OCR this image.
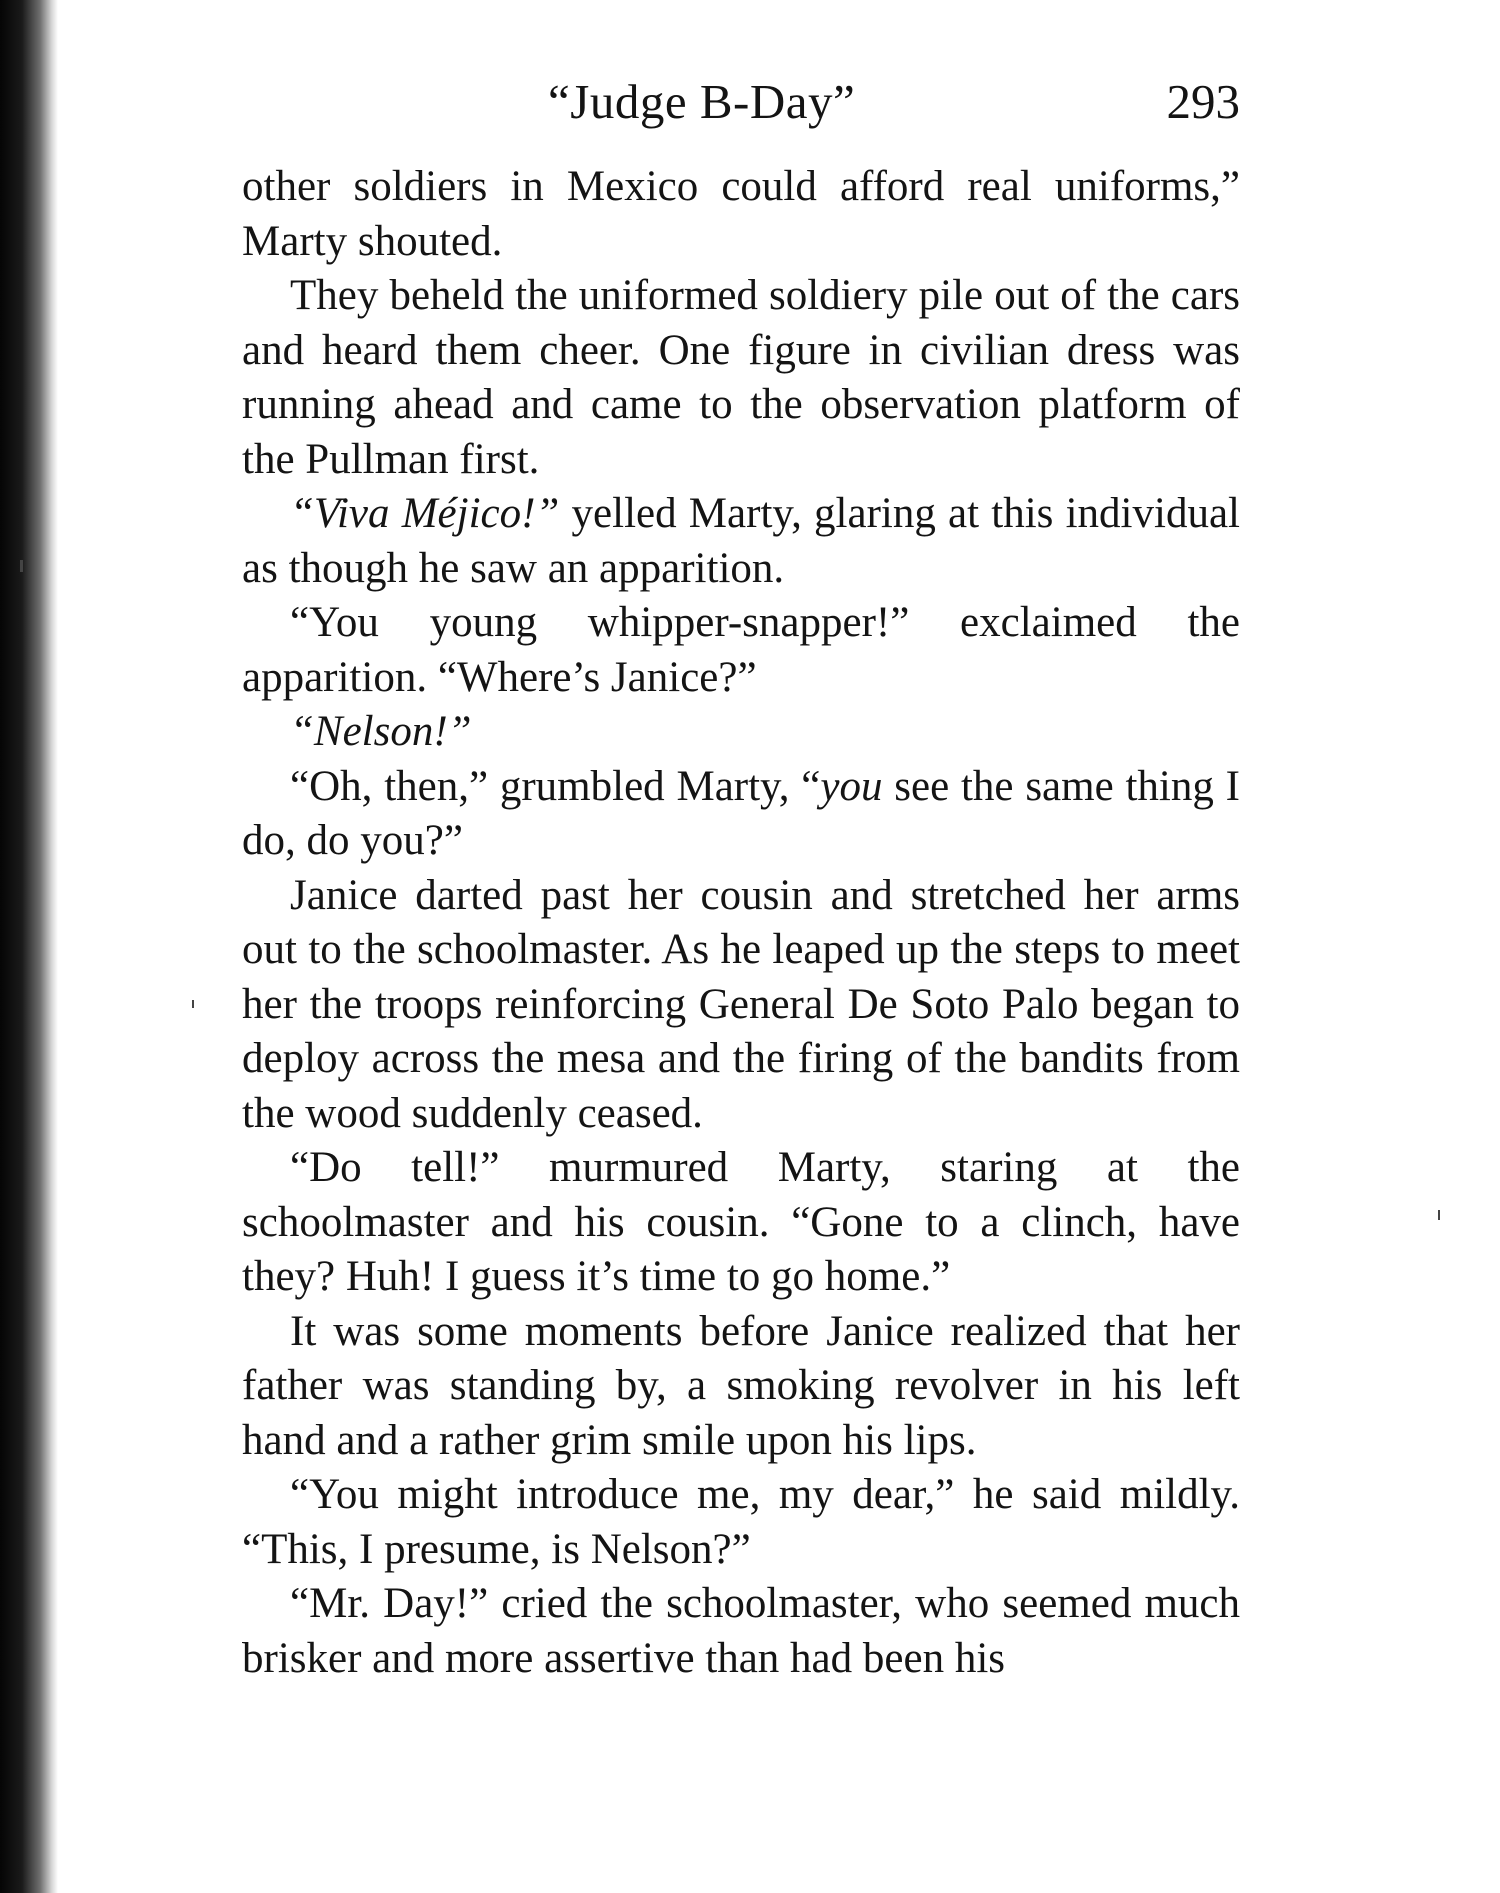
“Judge B-Day”	293

other soldiers in Mexico could afford real uniforms,” Marty shouted.

They beheld the uniformed soldiery pile out of the cars and heard them cheer. One figure in civilian dress was running ahead and came to the observation platform of the Pullman first.

“Viva Méjico!” yelled Marty, glaring at this individual as though he saw an apparition.

“You young whipper-snapper!” exclaimed the apparition. “Where’s Janice?”

“Nelson!”

“Oh, then,” grumbled Marty, “you see the same thing I do, do you?”

Janice darted past her cousin and stretched her arms out to the schoolmaster. As he leaped up the steps to meet her the troops reinforcing General De Soto Palo began to deploy across the mesa and the firing of the bandits from the wood suddenly ceased.

“Do tell!” murmured Marty, staring at the schoolmaster and his cousin. “Gone to a clinch, have they? Huh! I guess it’s time to go home.”

It was some moments before Janice realized that her father was standing by, a smoking revolver in his left hand and a rather grim smile upon his lips.

“You might introduce me, my dear,” he said mildly. “This, I presume, is Nelson?”

“Mr. Day!” cried the schoolmaster, who seemed much brisker and more assertive than had been his
